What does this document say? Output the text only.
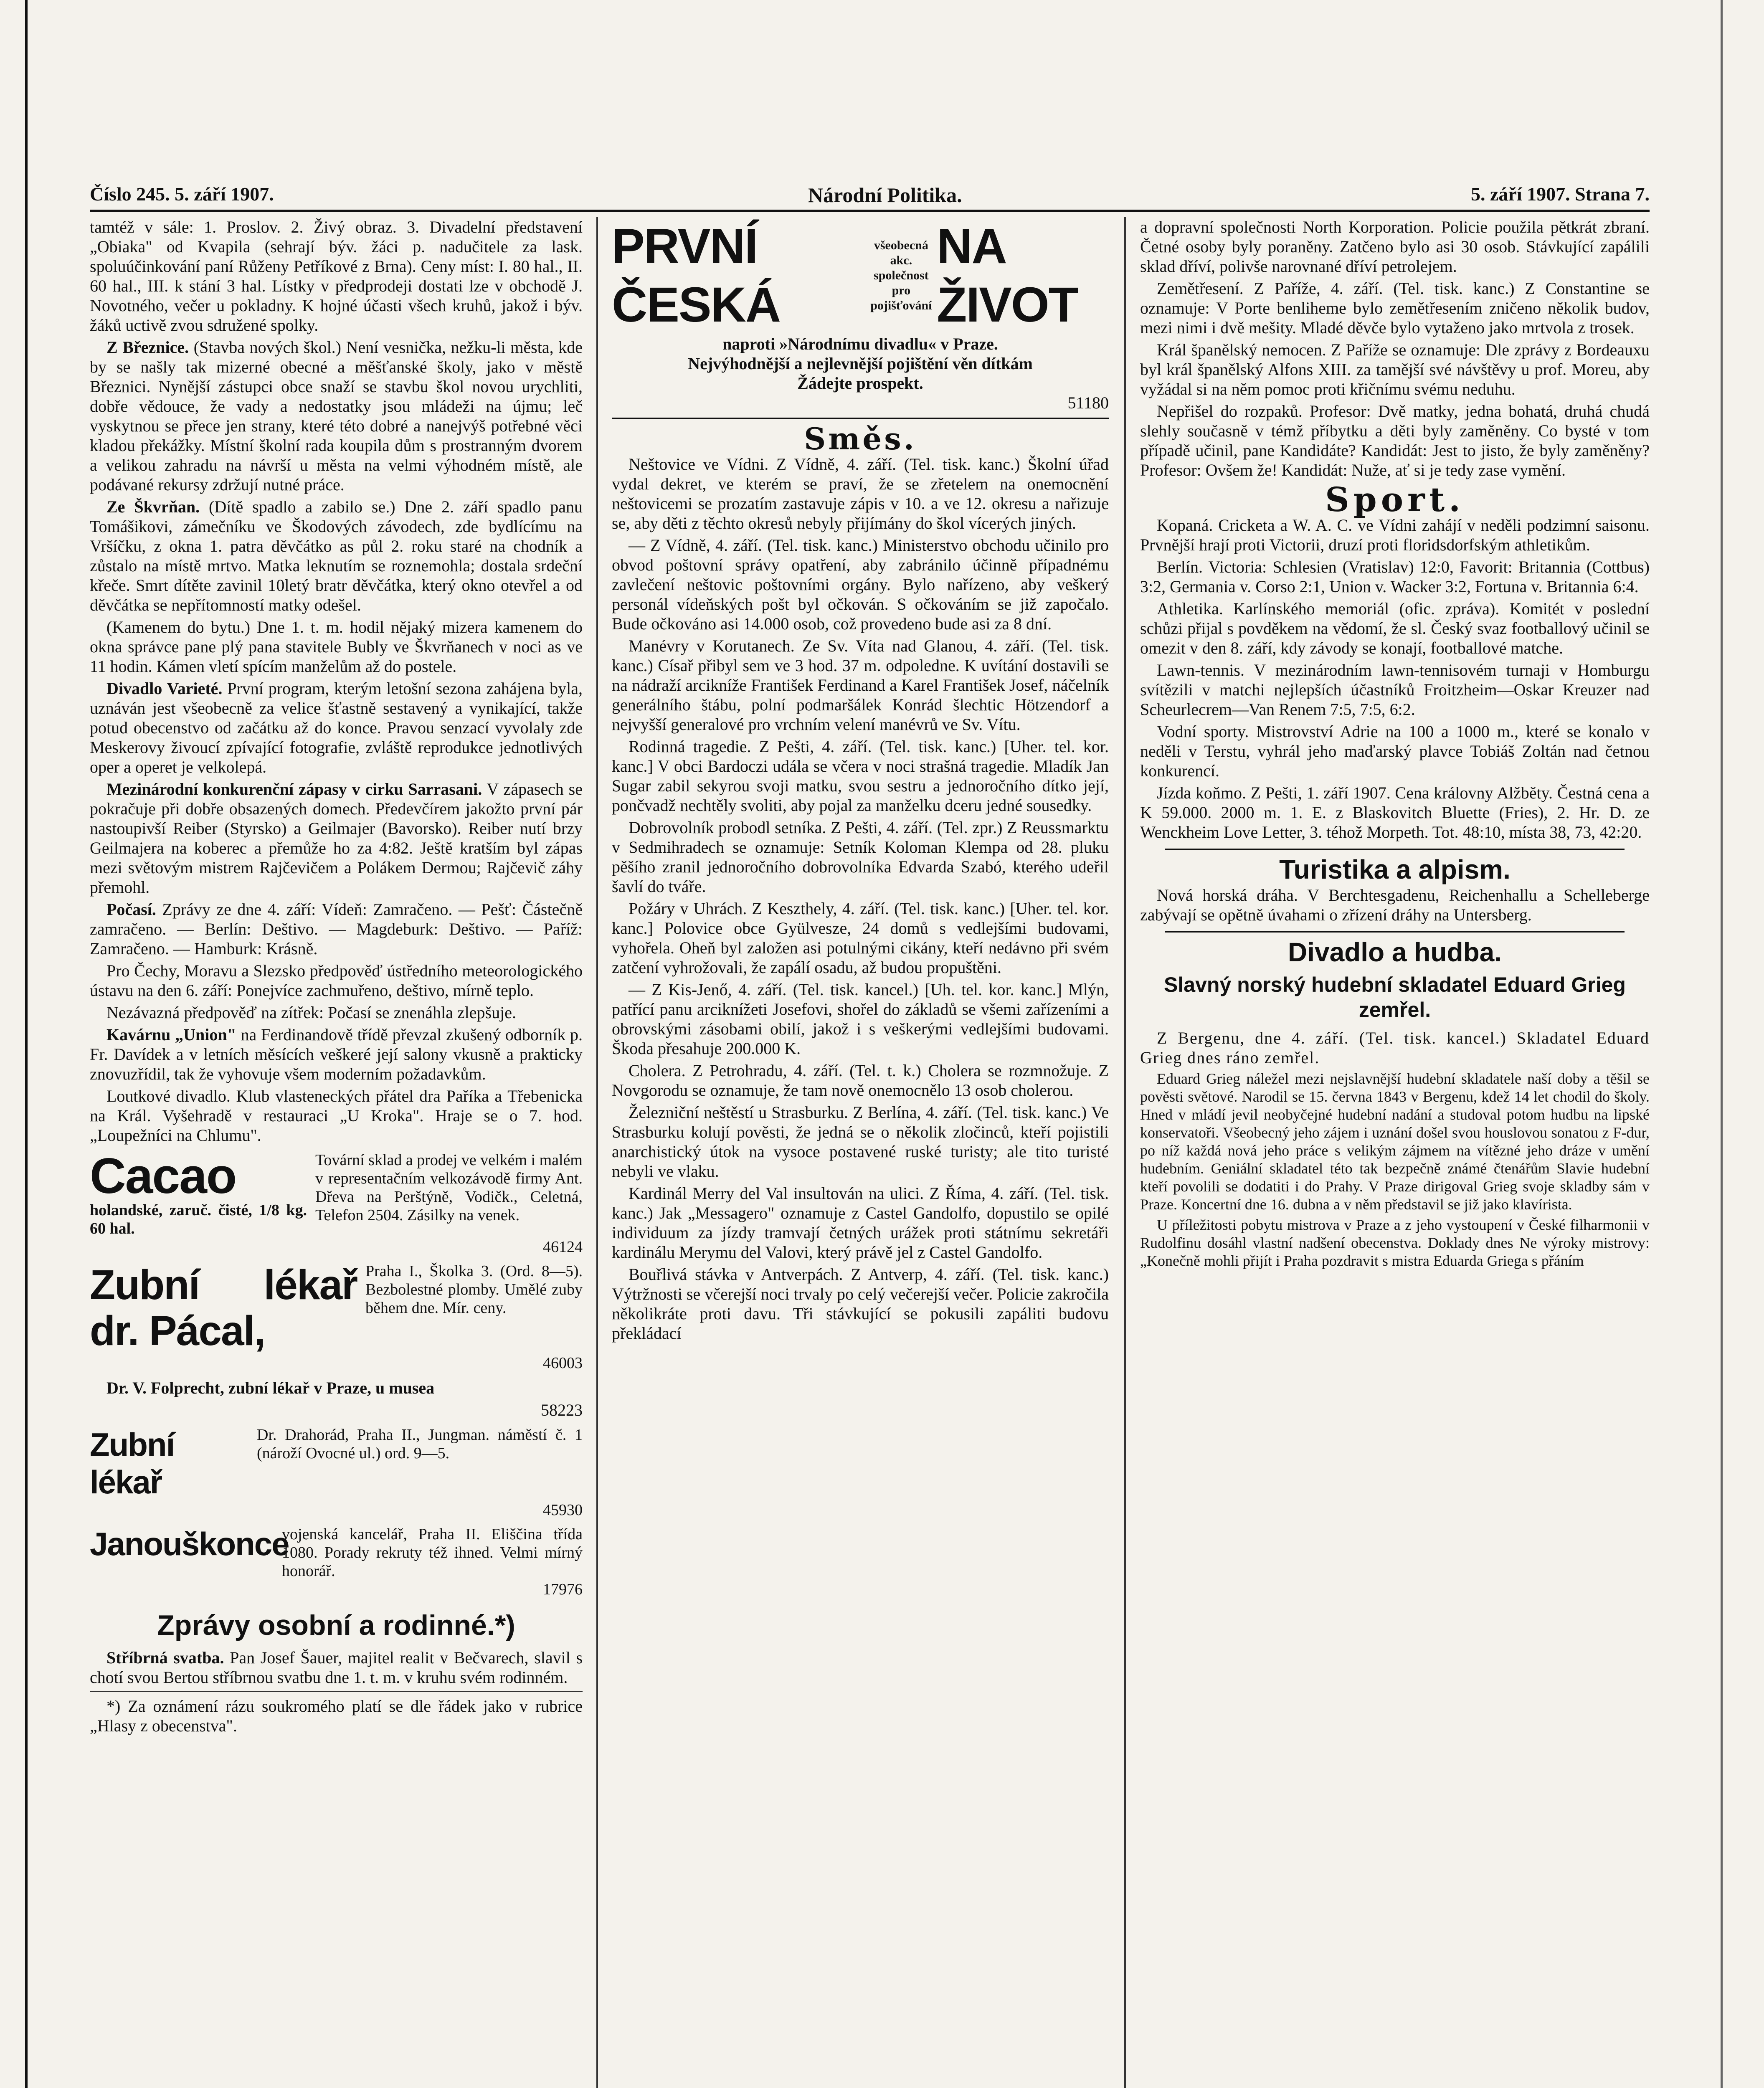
Číslo 245. 5. září 1907.	Národní Politika.	5. září 1907. Strana 7.

tamtéž v sále: 1. Proslov. 2. Živý obraz. 3. Divadelní představení „Obiaka" od Kvapila (sehrají býv. žáci p. nadučitele za lask. spoluúčinkování paní Růženy Petříkové z Brna). Ceny míst: I. 80 hal., II. 60 hal., III. k stání 3 hal. Lístky v předprodeji dostati lze v obchodě J. Novotného, večer u pokladny. K hojné účasti všech kruhů, jakož i býv. žáků uctivě zvou sdružené spolky.

Z Březnice. (Stavba nových škol.) Není vesnička, nežku-li města, kde by se našly tak mizerné obecné a měšťanské školy, jako v městě Březnici. Nynější zástupci obce snaží se stavbu škol novou urychliti, dobře vědouce, že vady a nedostatky jsou mládeži na újmu; leč vyskytnou se přece jen strany, které této dobré a nanejvýš potřebné věci kladou překážky. Místní školní rada koupila dům s prostranným dvorem a velikou zahradu na návrší u města na velmi výhodném místě, ale podávané rekursy zdržují nutné práce.

Ze Škvrňan. (Dítě spadlo a zabilo se.) Dne 2. září spadlo panu Tomášikovi, zámečníku ve Škodových závodech, zde bydlícímu na Vršíčku, z okna 1. patra děvčátko as půl 2. roku staré na chodník a zůstalo na místě mrtvo. Matka leknutím se roznemohla; dostala srdeční křeče. Smrt dítěte zavinil 10letý bratr děvčátka, který okno otevřel a od děvčátka se nepřítomností matky odešel.

(Kamenem do bytu.) Dne 1. t. m. hodil nějaký mizera kamenem do okna správce pane plý pana stavitele Bubly ve Škvrňanech v noci as ve 11 hodin. Kámen vletí spícím manželům až do postele.

Divadlo Varieté. První program, kterým letošní sezona zahájena byla, uznáván jest všeobecně za velice šťastně sestavený a vynikající, takže potud obecenstvo od začátku až do konce. Pravou senzací vyvolaly zde Meskerovy živoucí zpívající fotografie, zvláště reprodukce jednotlivých oper a operet je velkolepá.

Mezinárodní konkurenční zápasy v cirku Sarrasani. V zápasech se pokračuje při dobře obsazených domech. Předevčírem jakožto první pár nastoupivší Reiber (Styrsko) a Geilmajer (Bavorsko). Reiber nutí brzy Geilmajera na koberec a přemůže ho za 4:82. Ještě kratším byl zápas mezi světovým mistrem Rajčevičem a Polákem Dermou; Rajčevič záhy přemohl.

Počasí. Zprávy ze dne 4. září: Vídeň: Zamračeno. — Pešť: Částečně zamračeno. — Berlín: Deštivo. — Magdeburk: Deštivo. — Paříž: Zamračeno. — Hamburk: Krásně.

Pro Čechy, Moravu a Slezsko předpověď ústředního meteorologického ústavu na den 6. září: Ponejvíce zachmuřeno, deštivo, mírně teplo.

Nezávazná předpověď na zítřek: Počasí se znenáhla zlepšuje.

Kavárnu „Union" na Ferdinandově třídě převzal zkušený odborník p. Fr. Davídek a v letních měsících veškeré její salony vkusně a prakticky znovuzřídil, tak že vyhovuje všem moderním požadavkům.

Loutkové divadlo. Klub vlasteneckých přátel dra Paříka a Třebenicka na Král. Vyšehradě v restauraci „U Kroka". Hraje se o 7. hod. „Loupežníci na Chlumu".

Cacao
holandské, zaruč. čisté, 1/8 kg. 60 hal.
Tovární sklad a prodej ve velkém i malém v representačním velkozávodě firmy Ant. Dřeva na Perštýně, Vodičk., Celetná, Telefon 2504. Zásilky na venek.
46124
Zubní lékař dr. Pácal,
Praha I., Školka 3. (Ord. 8—5). Bezbolestné plomby. Umělé zuby během dne. Mír. ceny.
46003

Dr. V. Folprecht, zubní lékař v Praze, u musea

58223
Zubní lékař
Dr. Drahorád, Praha II., Jungman. náměstí č. 1 (nároží Ovocné ul.) ord. 9—5.
45930
Janouškonce
vojenská kancelář, Praha II. Eliščina třída 1080. Porady rekruty též ihned. Velmi mírný honorář.
17976
Zprávy osobní a rodinné.*)

Stříbrná svatba. Pan Josef Šauer, majitel realit v Bečvarech, slavil s chotí svou Bertou stříbrnou svatbu dne 1. t. m. v kruhu svém rodinném.

*) Za oznámení rázu soukromého platí se dle řádek jako v rubrice „Hlasy z obecenstva".

PRVNÍ ČESKÁ
všeobecná akc. společnost pro pojišťování
NA ŽIVOT
naproti »Národnímu divadlu« v Praze.
Nejvýhodnější a nejlevnější pojištění věn dítkám
Žádejte prospekt.
51180
Směs.

Neštovice ve Vídni. Z Vídně, 4. září. (Tel. tisk. kanc.) Školní úřad vydal dekret, ve kterém se praví, že se zřetelem na onemocnění neštovicemi se prozatím zastavuje zápis v 10. a ve 12. okresu a nařizuje se, aby děti z těchto okresů nebyly přijímány do škol vícerých jiných.

— Z Vídně, 4. září. (Tel. tisk. kanc.) Ministerstvo obchodu učinilo pro obvod poštovní správy opatření, aby zabránilo účinně případnému zavlečení neštovic poštovními orgány. Bylo nařízeno, aby veškerý personál vídeňských pošt byl očkován. S očkováním se již započalo. Bude očkováno asi 14.000 osob, což provedeno bude asi za 8 dní.

Manévry v Korutanech. Ze Sv. Víta nad Glanou, 4. září. (Tel. tisk. kanc.) Císař přibyl sem ve 3 hod. 37 m. odpoledne. K uvítání dostavili se na nádraží arcikníže František Ferdinand a Karel František Josef, náčelník generálního štábu, polní podmaršálek Konrád šlechtic Hötzendorf a nejvyšší generalové pro vrchním velení manévrů ve Sv. Vítu.

Rodinná tragedie. Z Pešti, 4. září. (Tel. tisk. kanc.) [Uher. tel. kor. kanc.] V obci Bardoczi udála se včera v noci strašná tragedie. Mladík Jan Sugar zabil sekyrou svoji matku, svou sestru a jednoročního dítko její, pončvadž nechtěly svoliti, aby pojal za manželku dceru jedné sousedky.

Dobrovolník probodl setníka. Z Pešti, 4. září. (Tel. zpr.) Z Reussmarktu v Sedmihradech se oznamuje: Setník Koloman Klempa od 28. pluku pěšího zranil jednoročního dobrovolníka Edvarda Szabó, kterého udeřil šavlí do tváře.

Požáry v Uhrách. Z Keszthely, 4. září. (Tel. tisk. kanc.) [Uher. tel. kor. kanc.] Polovice obce Gyülvesze, 24 domů s vedlejšími budovami, vyhořela. Oheň byl založen asi potulnými cikány, kteří nedávno při svém zatčení vyhrožovali, že zapálí osadu, až budou propuštěni.

— Z Kis-Jenő, 4. září. (Tel. tisk. kancel.) [Uh. tel. kor. kanc.] Mlýn, patřící panu arciknížeti Josefovi, shořel do základů se všemi zařízeními a obrovskými zásobami obilí, jakož i s veškerými vedlejšími budovami. Škoda přesahuje 200.000 K.

Cholera. Z Petrohradu, 4. září. (Tel. t. k.) Cholera se rozmnožuje. Z Novgorodu se oznamuje, že tam nově onemocnělo 13 osob cholerou.

Železniční neštěstí u Strasburku. Z Berlína, 4. září. (Tel. tisk. kanc.) Ve Strasburku kolují pověsti, že jedná se o několik zločinců, kteří pojistili anarchistický útok na vysoce postavené ruské turisty; ale tito turisté nebyli ve vlaku.

Kardinál Merry del Val insultován na ulici. Z Říma, 4. září. (Tel. tisk. kanc.) Jak „Messagero" oznamuje z Castel Gandolfo, dopustilo se opilé individuum za jízdy tramvají četných urážek proti státnímu sekretáři kardinálu Merymu del Valovi, který právě jel z Castel Gandolfo.

Bouřlivá stávka v Antverpách. Z Antverp, 4. září. (Tel. tisk. kanc.) Výtržnosti se včerejší noci trvaly po celý večerejší večer. Policie zakročila několikráte proti davu. Tři stávkující se pokusili zapáliti budovu překládací

a dopravní společnosti North Korporation. Policie použila pětkrát zbraní. Četné osoby byly poraněny. Zatčeno bylo asi 30 osob. Stávkující zapálili sklad dříví, polivše narovnané dříví petrolejem.

Zemětřesení. Z Paříže, 4. září. (Tel. tisk. kanc.) Z Constantine se oznamuje: V Porte benliheme bylo zemětřesením zničeno několik budov, mezi nimi i dvě mešity. Mladé děvče bylo vytaženo jako mrtvola z trosek.

Král španělský nemocen. Z Paříže se oznamuje: Dle zprávy z Bordeauxu byl král španělský Alfons XIII. za tamější své návštěvy u prof. Moreu, aby vyžádal si na něm pomoc proti křičnímu svému neduhu.

Nepřišel do rozpaků. Profesor: Dvě matky, jedna bohatá, druhá chudá slehly současně v témž příbytku a děti byly zaměněny. Co bysté v tom případě učinil, pane Kandidáte? Kandidát: Jest to jisto, že byly zaměněny? Profesor: Ovšem že! Kandidát: Nuže, ať si je tedy zase vymění.

Sport.

Kopaná. Cricketa a W. A. C. ve Vídni zahájí v neděli podzimní saisonu. Prvnější hrají proti Victorii, druzí proti floridsdorfským athletikům.

Berlín. Victoria: Schlesien (Vratislav) 12:0, Favorit: Britannia (Cottbus) 3:2, Germania v. Corso 2:1, Union v. Wacker 3:2, Fortuna v. Britannia 6:4.

Athletika. Karlínského memoriál (ofic. zpráva). Komitét v poslední schůzi přijal s povděkem na vědomí, že sl. Český svaz footballový učinil se omezit v den 8. září, kdy závody se konají, footballové matche.

Lawn-tennis. V mezinárodním lawn-tennisovém turnaji v Homburgu svítězili v matchi nejlepších účastníků Froitzheim—Oskar Kreuzer nad Scheurlecrem—Van Renem 7:5, 7:5, 6:2.

Vodní sporty. Mistrovství Adrie na 100 a 1000 m., které se konalo v neděli v Terstu, vyhrál jeho maďarský plavce Tobiáš Zoltán nad četnou konkurencí.

Jízda koňmo. Z Pešti, 1. září 1907. Cena královny Alžběty. Čestná cena a K 59.000. 2000 m. 1. E. z Blaskovitch Bluette (Fries), 2. Hr. D. ze Wenckheim Love Letter, 3. téhož Morpeth. Tot. 48:10, místa 38, 73, 42:20.

Turistika a alpism.

Nová horská dráha. V Berchtesgadenu, Reichenhallu a Schelleberge zabývají se opětně úvahami o zřízení dráhy na Untersberg.

Divadlo a hudba.
Slavný norský hudební skladatel Eduard Grieg zemřel.

Z Bergenu, dne 4. září. (Tel. tisk. kancel.) Skladatel Eduard Grieg dnes ráno zemřel.

Eduard Grieg náležel mezi nejslavnější hudební skladatele naší doby a těšil se pověsti světové. Narodil se 15. června 1843 v Bergenu, kdež 14 let chodil do školy. Hned v mládí jevil neobyčejné hudební nadání a studoval potom hudbu na lipské konservatoři. Všeobecný jeho zájem i uznání došel svou houslovou sonatou z F-dur, po níž každá nová jeho práce s velikým zájmem na vítězné jeho dráze v umění hudebním. Geniální skladatel této tak bezpečně známé čtenářům Slavie hudební kteří povolili se dodatiti i do Prahy. V Praze dirigoval Grieg svoje skladby sám v Praze. Koncertní dne 16. dubna a v něm představil se již jako klavírista.

U příležitosti pobytu mistrova v Praze a z jeho vystoupení v České filharmonii v Rudolfinu dosáhl vlastní nadšení obecenstva. Doklady dnes Ne výroky mistrovy: „Konečně mohli přijít i Praha pozdravit s mistra Eduarda Griega s přáním
